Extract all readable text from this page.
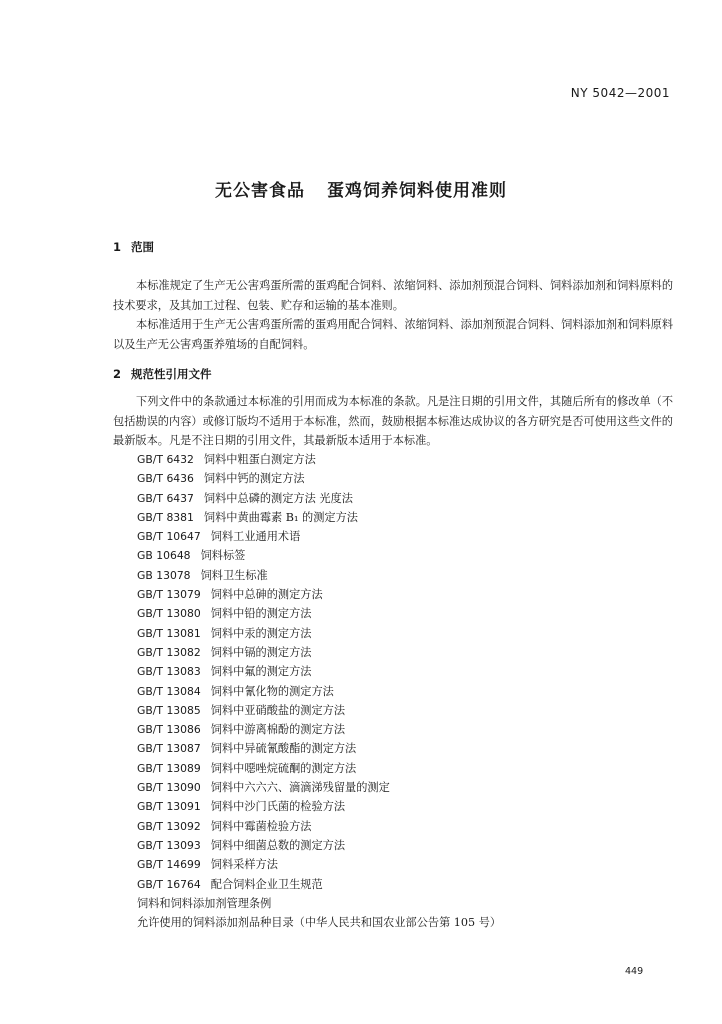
NY 5042—2001
无公害食品 蛋鸡饲养饲料使用准则
1 范围

本标准规定了生产无公害鸡蛋所需的蛋鸡配合饲料、浓缩饲料、添加剂预混合饲料、饲料添加剂和饲料原料的技术要求，及其加工过程、包装、贮存和运输的基本准则。

本标准适用于生产无公害鸡蛋所需的蛋鸡用配合饲料、浓缩饲料、添加剂预混合饲料、饲料添加剂和饲料原料以及生产无公害鸡蛋养殖场的自配饲料。

2 规范性引用文件

下列文件中的条款通过本标准的引用而成为本标准的条款。凡是注日期的引用文件，其随后所有的修改单（不包括勘误的内容）或修订版均不适用于本标准，然而，鼓励根据本标准达成协议的各方研究是否可使用这些文件的最新版本。凡是不注日期的引用文件，其最新版本适用于本标准。

GB/T 6432 饲料中粗蛋白测定方法
GB/T 6436 饲料中钙的测定方法
GB/T 6437 饲料中总磷的测定方法 光度法
GB/T 8381 饲料中黄曲霉素 B₁ 的测定方法
GB/T 10647 饲料工业通用术语
GB 10648 饲料标签
GB 13078 饲料卫生标准
GB/T 13079 饲料中总砷的测定方法
GB/T 13080 饲料中铅的测定方法
GB/T 13081 饲料中汞的测定方法
GB/T 13082 饲料中镉的测定方法
GB/T 13083 饲料中氟的测定方法
GB/T 13084 饲料中氰化物的测定方法
GB/T 13085 饲料中亚硝酸盐的测定方法
GB/T 13086 饲料中游离棉酚的测定方法
GB/T 13087 饲料中异硫氰酸酯的测定方法
GB/T 13089 饲料中噁唑烷硫酮的测定方法
GB/T 13090 饲料中六六六、滴滴涕残留量的测定
GB/T 13091 饲料中沙门氏菌的检验方法
GB/T 13092 饲料中霉菌检验方法
GB/T 13093 饲料中细菌总数的测定方法
GB/T 14699 饲料采样方法
GB/T 16764 配合饲料企业卫生规范
饲料和饲料添加剂管理条例
允许使用的饲料添加剂品种目录（中华人民共和国农业部公告第 105 号）
449
